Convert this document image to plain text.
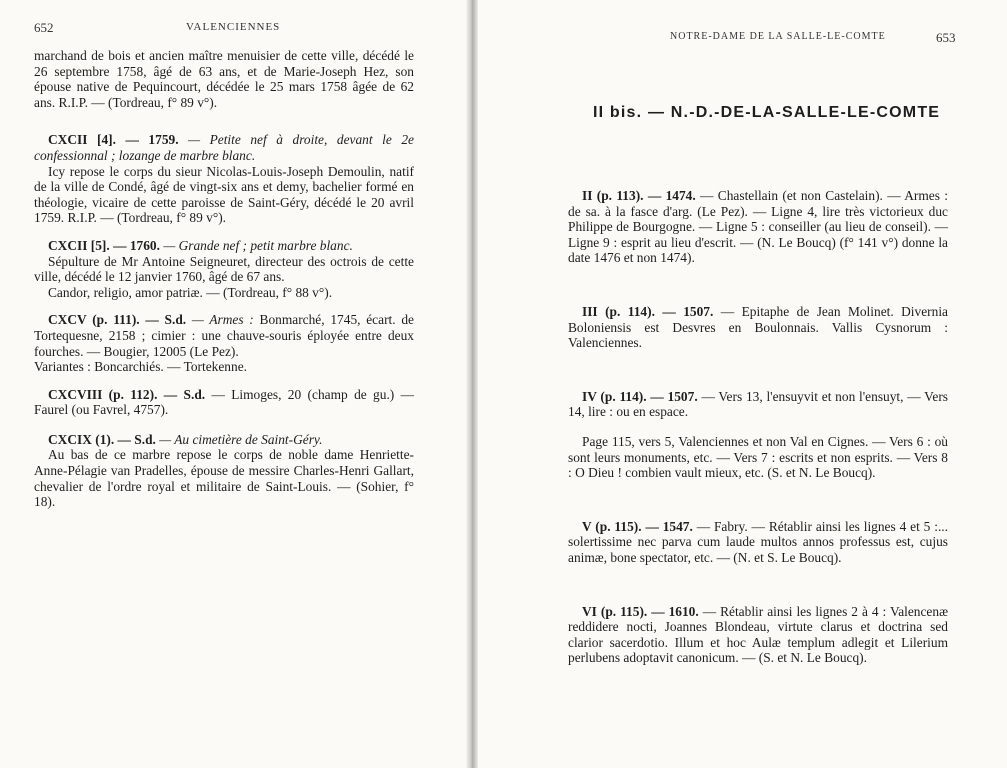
652	VALENCIENNES

marchand de bois et ancien maître menuisier de cette ville, décédé le 26 septembre 1758, âgé de 63 ans, et de Marie-Joseph Hez, son épouse native de Pequincourt, décédée le 25 mars 1758 âgée de 62 ans. R.I.P. — (Tordreau, f° 89 v°).

CXCII [4]. — 1759. — Petite nef à droite, devant le 2e confessionnal ; lozange de marbre blanc.

Icy repose le corps du sieur Nicolas-Louis-Joseph Demoulin, natif de la ville de Condé, âgé de vingt-six ans et demy, bachelier formé en théologie, vicaire de cette paroisse de Saint-Géry, décédé le 20 avril 1759. R.I.P. — (Tordreau, f° 89 v°).

CXCII [5]. — 1760. — Grande nef ; petit marbre blanc.

Sépulture de Mr Antoine Seigneuret, directeur des octrois de cette ville, décédé le 12 janvier 1760, âgé de 67 ans.

Candor, religio, amor patriæ. — (Tordreau, f° 88 v°).

CXCV (p. 111). — S.d. — Armes : Bonmarché, 1745, écart. de Tortequesne, 2158 ; cimier : une chauve-souris éployée entre deux fourches. — Bougier, 12005 (Le Pez).

Variantes : Boncarchiés. — Tortekenne.

CXCVIII (p. 112). — S.d. — Limoges, 20 (champ de gu.) — Faurel (ou Favrel, 4757).

CXCIX (1). — S.d. — Au cimetière de Saint-Géry.

Au bas de ce marbre repose le corps de noble dame Henriette-Anne-Pélagie van Pradelles, épouse de messire Charles-Henri Gallart, chevalier de l'ordre royal et militaire de Saint-Louis. — (Sohier, f° 18).

NOTRE-DAME DE LA SALLE-LE-COMTE	653
II bis. — N.-D.-DE-LA-SALLE-LE-COMTE

II (p. 113). — 1474. — Chastellain (et non Castelain). — Armes : de sa. à la fasce d'arg. (Le Pez). — Ligne 4, lire très victorieux duc Philippe de Bourgogne. — Ligne 5 : conseiller (au lieu de conseil). — Ligne 9 : esprit au lieu d'escrit. — (N. Le Boucq) (f° 141 v°) donne la date 1476 et non 1474).

III (p. 114). — 1507. — Epitaphe de Jean Molinet. Divernia Boloniensis est Desvres en Boulonnais. Vallis Cysnorum : Valenciennes.

IV (p. 114). — 1507. — Vers 13, l'ensuyvit et non l'ensuyt, — Vers 14, lire : ou en espace.

Page 115, vers 5, Valenciennes et non Val en Cignes. — Vers 6 : où sont leurs monuments, etc. — Vers 7 : escrits et non esprits. — Vers 8 : O Dieu ! combien vault mieux, etc. (S. et N. Le Boucq).

V (p. 115). — 1547. — Fabry. — Rétablir ainsi les lignes 4 et 5 :... solertissime nec parva cum laude multos annos professus est, cujus animæ, bone spectator, etc. — (N. et S. Le Boucq).

VI (p. 115). — 1610. — Rétablir ainsi les lignes 2 à 4 : Valencenæ reddidere nocti, Joannes Blondeau, virtute clarus et doctrina sed clarior sacerdotio. Illum et hoc Aulæ templum adlegit et Lilerium perlubens adoptavit canonicum. — (S. et N. Le Boucq).
